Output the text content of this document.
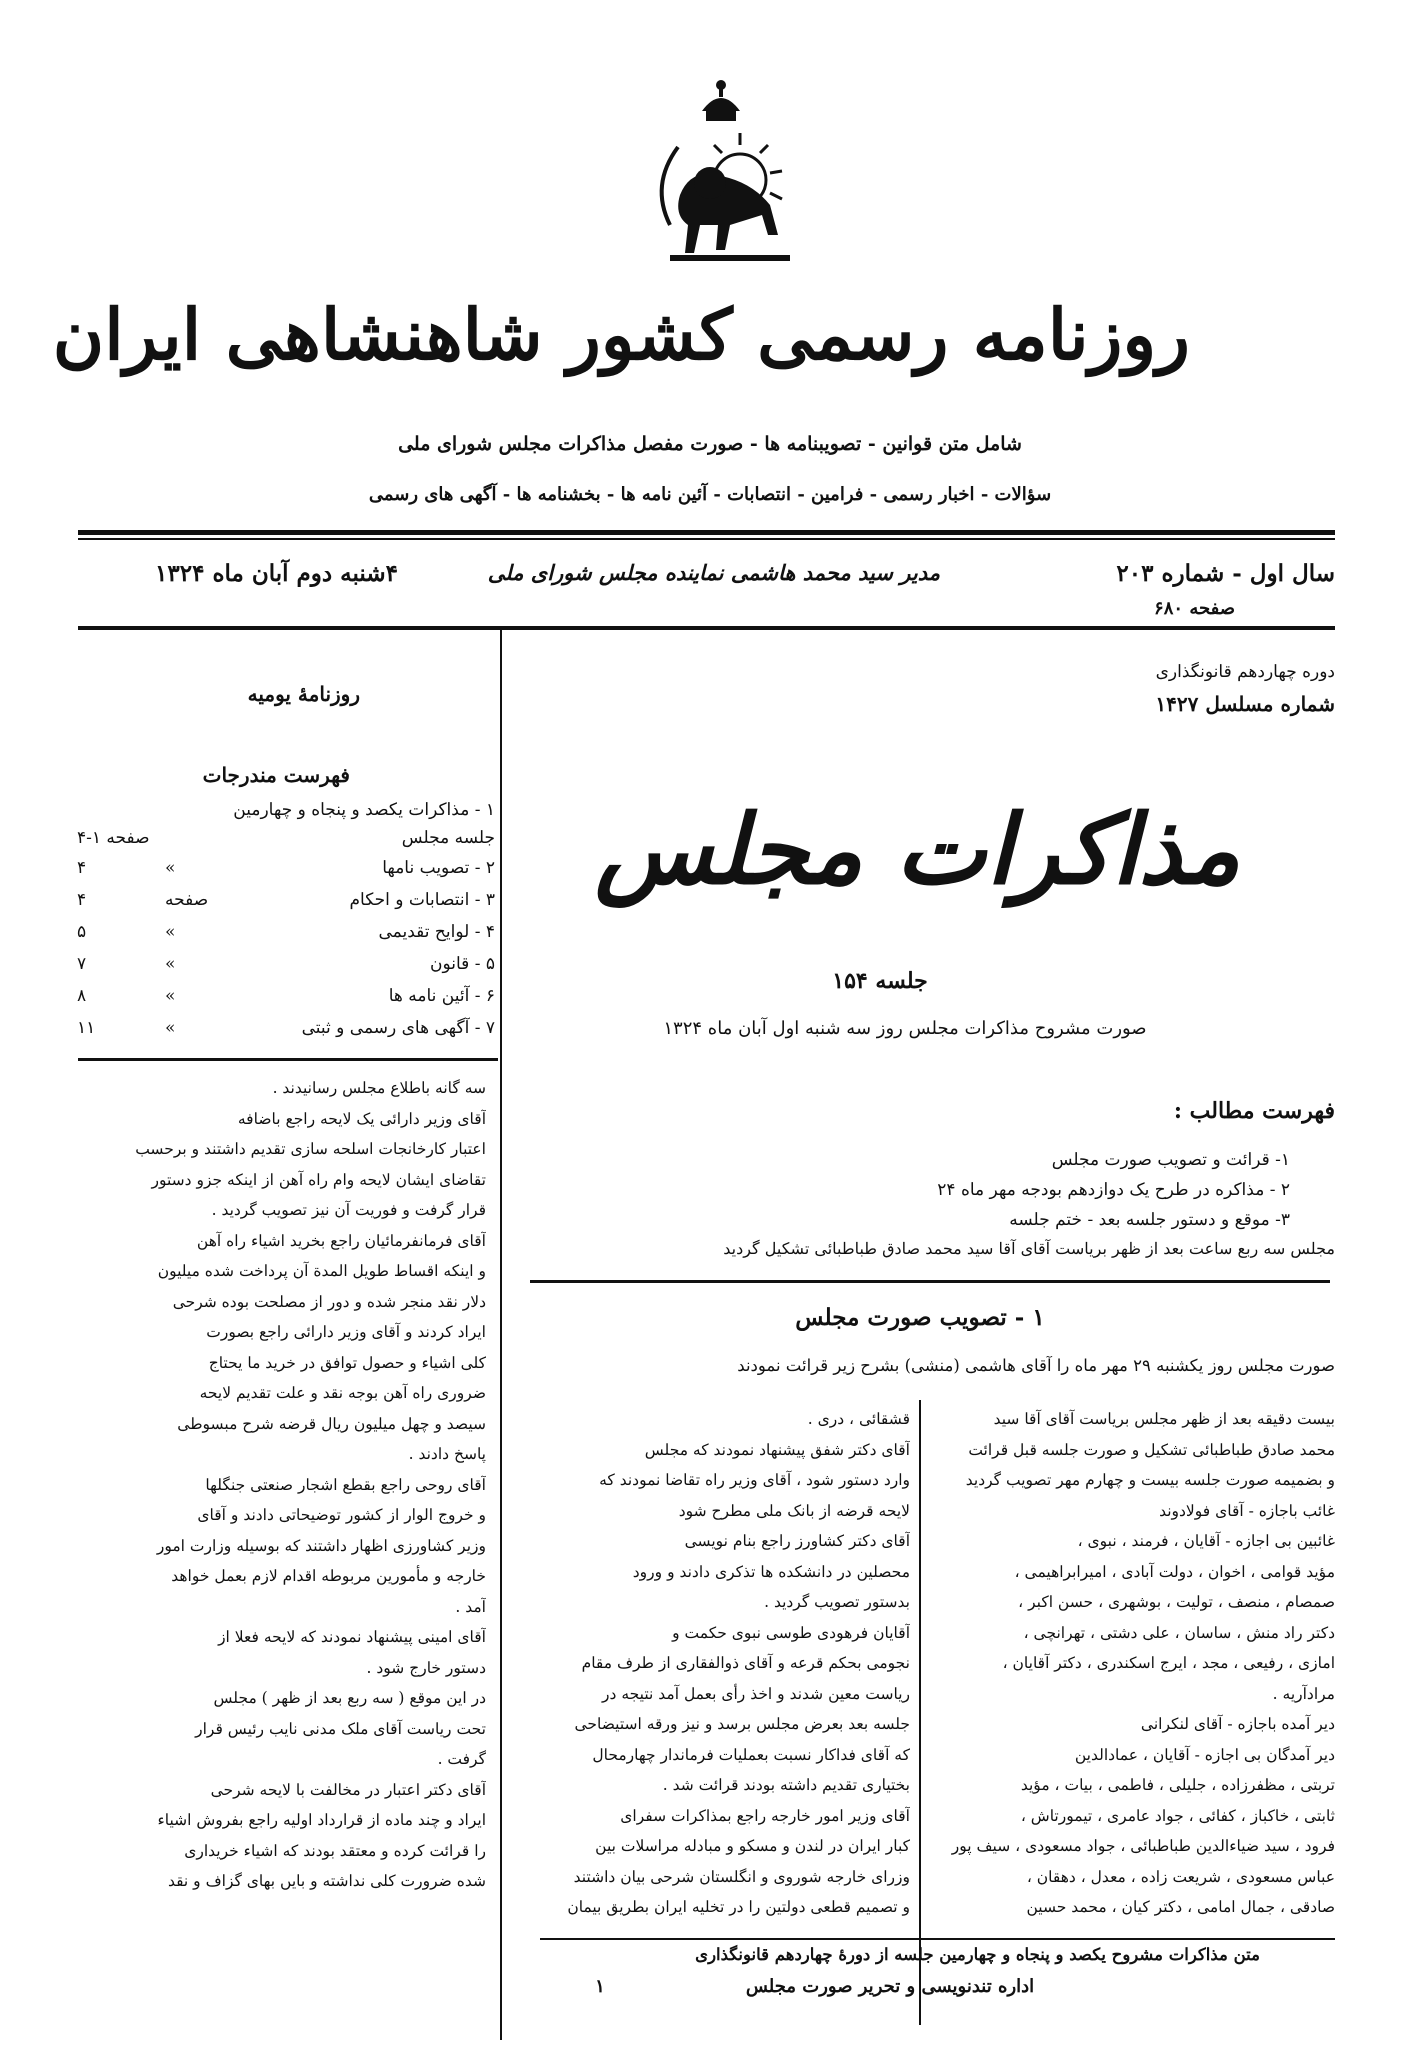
روزنامه رسمی کشور شاهنشاهی ایران
شامل متن قوانین - تصویبنامه ها - صورت مفصل مذاکرات مجلس شورای ملی
سؤالات - اخبار رسمی - فرامین - انتصابات - آئین نامه ها - بخشنامه ها - آگهی های رسمی
سال اول - شماره ۲۰۳
صفحه ۶۸۰
مدیر سید محمد هاشمی نماینده مجلس شورای ملی
۴شنبه دوم آبان ماه ۱۳۲۴
روزنامهٔ یومیه
فهرست مندرجات
۱ - مذاکرات یکصد و پنجاه و چهارمین
جلسه مجلس
صفحه ۱-۴
۲ - تصویب نامها
»
۴
۳ - انتصابات و احکام
صفحه
۴
۴ - لوایح تقدیمی
»
۵
۵ - قانون
»
۷
۶ - آئین نامه ها
»
۸
۷ - آگهی های رسمی و ثبتی
»
۱۱
دوره چهاردهم قانونگذاری
شماره مسلسل ۱۴۲۷
مذاکرات مجلس
جلسه ۱۵۴
صورت مشروح مذاکرات مجلس روز سه شنبه اول آبان ماه ۱۳۲۴
فهرست مطالب :
۱- قرائت و تصویب صورت مجلس
۲ - مذاکره در طرح یک دوازدهم بودجه مهر ماه ۲۴
۳- موقع و دستور جلسه بعد - ختم جلسه
مجلس سه ربع ساعت بعد از ظهر بریاست آقای آقا سید محمد صادق طباطبائی تشکیل گردید
۱ - تصویب صورت مجلس
صورت مجلس روز یکشنبه ۲۹ مهر ماه را آقای هاشمی (منشی) بشرح زیر قرائت نمودند

سه گانه باطلاع مجلس رسانیدند .

آقای وزیر دارائی یک لایحه راجع باضافه

اعتبار کارخانجات اسلحه سازی تقدیم داشتند و برحسب

تقاضای ایشان لایحه وام راه آهن از اینکه جزو دستور

قرار گرفت و فوریت آن نیز تصویب گردید .

آقای فرمانفرمائیان راجع بخرید اشیاء راه آهن

و اینکه اقساط طویل المدة آن پرداخت شده میلیون

دلار نقد منجر شده و دور از مصلحت بوده شرحی

ایراد کردند و آقای وزیر دارائی راجع بصورت

کلی اشیاء و حصول توافق در خرید ما یحتاج

ضروری راه آهن بوجه نقد و علت تقدیم لایحه

سیصد و چهل میلیون ریال قرضه شرح مبسوطی

پاسخ دادند .

آقای روحی راجع بقطع اشجار صنعتی جنگلها

و خروج الوار از کشور توضیحاتی دادند و آقای

وزیر کشاورزی اظهار داشتند که بوسیله وزارت امور

خارجه و مأمورین مربوطه اقدام لازم بعمل خواهد

آمد .

آقای امینی پیشنهاد نمودند که لایحه فعلا از

دستور خارج شود .

در این موقع ( سه ربع بعد از ظهر ) مجلس

تحت ریاست آقای ملک مدنی نایب رئیس قرار

گرفت .

آقای دکتر اعتبار در مخالفت با لایحه شرحی

ایراد و چند ماده از قرارداد اولیه راجع بفروش اشیاء

را قرائت کرده و معتقد بودند که اشیاء خریداری

شده ضرورت کلی نداشته و بایں بهای گزاف و نقد

قشقائی ، دری .

آقای دکتر شفق پیشنهاد نمودند که مجلس

وارد دستور شود ، آقای وزیر راه تقاضا نمودند که

لایحه قرضه از بانک ملی مطرح شود

آقای دکتر کشاورز راجع بنام نویسی

محصلین در دانشکده ها تذکری دادند و ورود

بدستور تصویب گردید .

آقایان فرهودی طوسی نبوی حکمت و

نجومی بحکم قرعه و آقای ذوالفقاری از طرف مقام

ریاست معین شدند و اخذ رأی بعمل آمد نتیجه در

جلسه بعد بعرض مجلس برسد و نیز ورقه استیضاحی

که آقای فداکار نسبت بعملیات فرماندار چهارمحال

بختیاری تقدیم داشته بودند قرائت شد .

آقای وزیر امور خارجه راجع بمذاکرات سفرای

کبار ایران در لندن و مسکو و مبادله مراسلات بین

وزرای خارجه شوروی و انگلستان شرحی بیان داشتند

و تصمیم قطعی دولتین را در تخلیه ایران بطریق بیمان

بیست دقیقه بعد از ظهر مجلس بریاست آقای آقا سید

محمد صادق طباطبائی تشکیل و صورت جلسه قبل قرائت

و بضمیمه صورت جلسه بیست و چهارم مهر تصویب گردید

غائب باجازه - آقای فولادوند

غائبین بی اجازه - آقایان ، فرمند ، نبوی ،

مؤید قوامی ، اخوان ، دولت آبادی ، امیرابراهیمی ،

صمصام ، منصف ، تولیت ، بوشهری ، حسن اکبر ،

دکتر راد منش ، ساسان ، علی دشتی ، تهرانچی ،

امازی ، رفیعی ، مجد ، ایرج اسکندری ، دکتر آقایان ،

مرادآریه .

دیر آمده باجازه - آقای لنکرانی

دیر آمدگان بی اجازه - آقایان ، عمادالدین

تربتی ، مظفرزاده ، جلیلی ، فاطمی ، بیات ، مؤید

ثابتی ، خاکباز ، کفائی ، جواد عامری ، تیمورتاش ،

فرود ، سید ضیاءالدین طباطبائی ، جواد مسعودی ، سیف پور

عباس مسعودی ، شریعت زاده ، معدل ، دهقان ،

صادقی ، جمال امامی ، دکتر کیان ، محمد حسین

متن مذاکرات مشروح یکصد و پنجاه و چهارمین جلسه از دورهٔ چهاردهم قانونگذاری
اداره تندنویسی و تحریر صورت مجلس
۱
